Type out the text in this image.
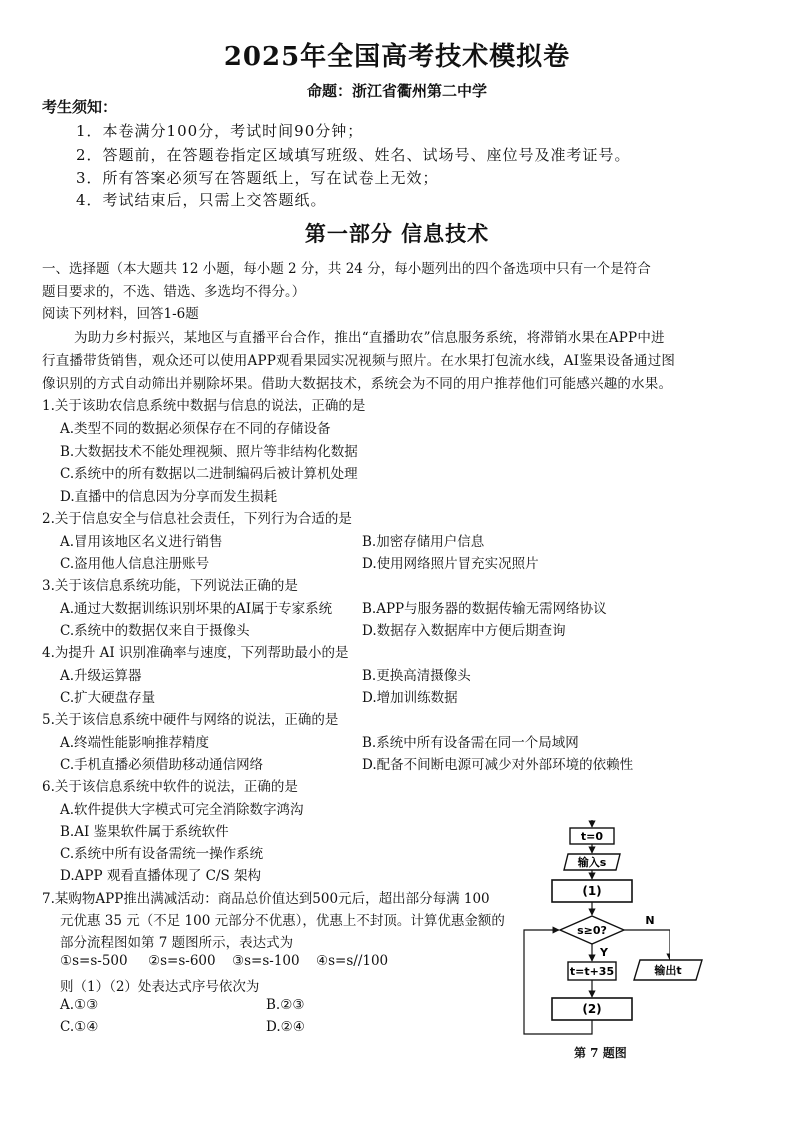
2025年全国高考技术模拟卷
命题：浙江省衢州第二中学
考生须知：
1．本卷满分100分，考试时间90分钟；
2．答题前，在答题卷指定区域填写班级、姓名、试场号、座位号及准考证号。
3．所有答案必须写在答题纸上，写在试卷上无效；
4．考试结束后，只需上交答题纸。
第一部分 信息技术
一、选择题（本大题共 12 小题，每小题 2 分，共 24 分，每小题列出的四个备选项中只有一个是符合
题目要求的，不选、错选、多选均不得分。）
阅读下列材料，回答1-6题
为助力乡村振兴，某地区与直播平台合作，推出“直播助农”信息服务系统，将滞销水果在APP中进
行直播带货销售，观众还可以使用APP观看果园实况视频与照片。在水果打包流水线，AI鉴果设备通过图
像识别的方式自动筛出并剔除坏果。借助大数据技术，系统会为不同的用户推荐他们可能感兴趣的水果。
1.关于该助农信息系统中数据与信息的说法，正确的是
A.类型不同的数据必须保存在不同的存储设备
B.大数据技术不能处理视频、照片等非结构化数据
C.系统中的所有数据以二进制编码后被计算机处理
D.直播中的信息因为分享而发生损耗
2.关于信息安全与信息社会责任，下列行为合适的是
A.冒用该地区名义进行销售	B.加密存储用户信息
C.盗用他人信息注册账号	D.使用网络照片冒充实况照片
3.关于该信息系统功能，下列说法正确的是
A.通过大数据训练识别坏果的AI属于专家系统 B.APP与服务器的数据传输无需网络协议
C.系统中的数据仅来自于摄像头	D.数据存入数据库中方便后期查询
4.为提升 AI 识别准确率与速度，下列帮助最小的是
A.升级运算器	B.更换高清摄像头
C.扩大硬盘存量	D.增加训练数据
5.关于该信息系统中硬件与网络的说法，正确的是
A.终端性能影响推荐精度	B.系统中所有设备需在同一个局域网
C.手机直播必须借助移动通信网络	D.配备不间断电源可减少对外部环境的依赖性
6.关于该信息系统中软件的说法，正确的是
A.软件提供大字模式可完全消除数字鸿沟
B.AI 鉴果软件属于系统软件
C.系统中所有设备需统一操作系统
D.APP 观看直播体现了 C/S 架构
7.某购物APP推出满减活动：商品总价值达到500元后，超出部分每满 100
元优惠 35 元（不足 100 元部分不优惠），优惠上不封顶。计算优惠金额的
部分流程图如第 7 题图所示，表达式为
①s=s-500 ②s=s-600 ③s=s-100 ④s=s//100
则（1）（2）处表达式序号依次为
A.①③	B.②③
C.①④	D.②④
t=0
输入s
(1)
s≥0?
N
Y
t=t+35
(2)
输出t
第 7 题图
